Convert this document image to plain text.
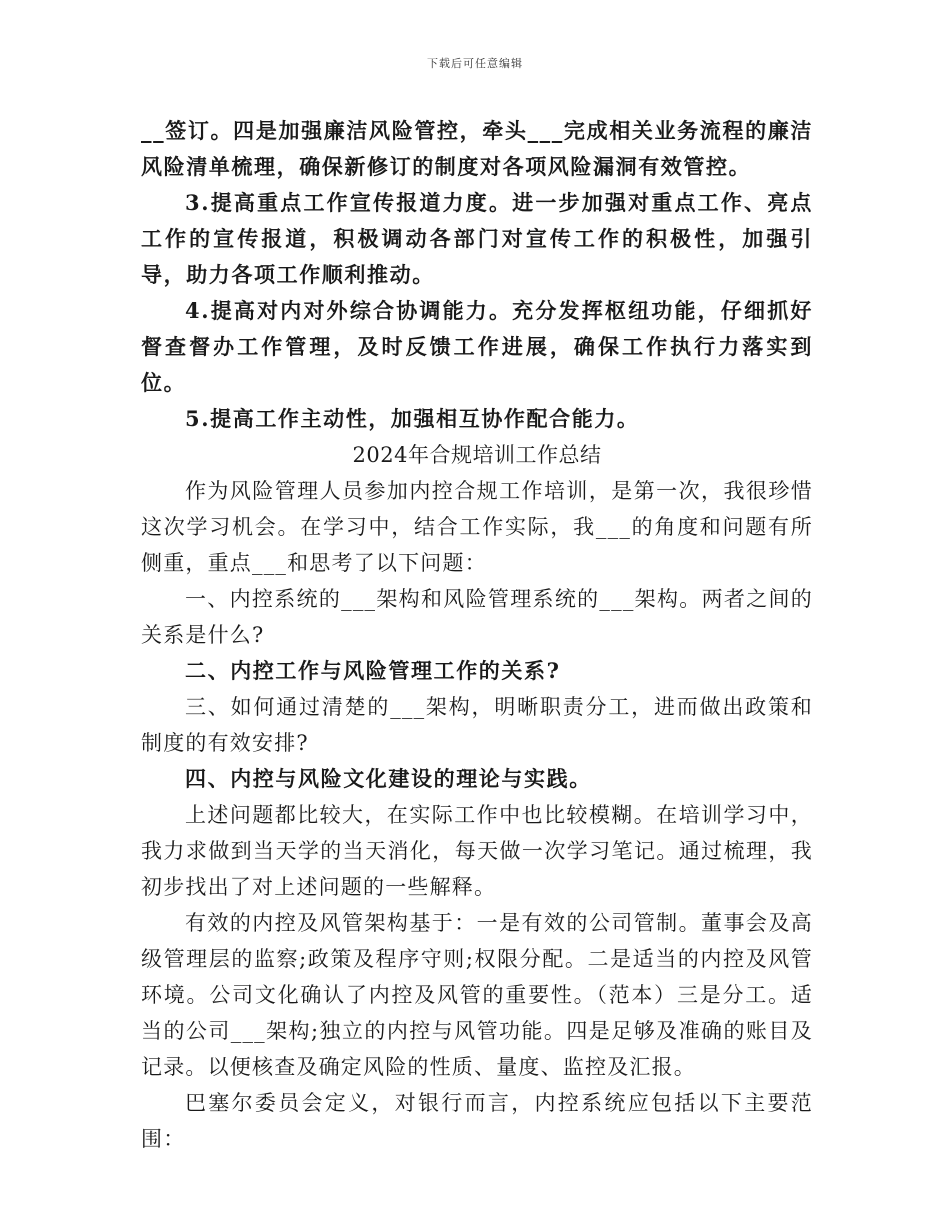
下载后可任意编辑

__签订。四是加强廉洁风险管控，牵头___完成相关业务流程的廉洁风险清单梳理，确保新修订的制度对各项风险漏洞有效管控。

3.提高重点工作宣传报道力度。进一步加强对重点工作、亮点工作的宣传报道，积极调动各部门对宣传工作的积极性，加强引导，助力各项工作顺利推动。

4.提高对内对外综合协调能力。充分发挥枢纽功能，仔细抓好督查督办工作管理，及时反馈工作进展，确保工作执行力落实到位。

5.提高工作主动性，加强相互协作配合能力。

2024年合规培训工作总结

作为风险管理人员参加内控合规工作培训，是第一次，我很珍惜这次学习机会。在学习中，结合工作实际，我___的角度和问题有所侧重，重点___和思考了以下问题：

一、内控系统的___架构和风险管理系统的___架构。两者之间的关系是什么?

二、内控工作与风险管理工作的关系?

三、如何通过清楚的___架构，明晰职责分工，进而做出政策和制度的有效安排?

四、内控与风险文化建设的理论与实践。

上述问题都比较大，在实际工作中也比较模糊。在培训学习中，我力求做到当天学的当天消化，每天做一次学习笔记。通过梳理，我初步找出了对上述问题的一些解释。

有效的内控及风管架构基于：一是有效的公司管制。董事会及高级管理层的监察;政策及程序守则;权限分配。二是适当的内控及风管环境。公司文化确认了内控及风管的重要性。（范本）三是分工。适当的公司___架构;独立的内控与风管功能。四是足够及准确的账目及记录。以便核查及确定风险的性质、量度、监控及汇报。

巴塞尔委员会定义，对银行而言，内控系统应包括以下主要范围：
